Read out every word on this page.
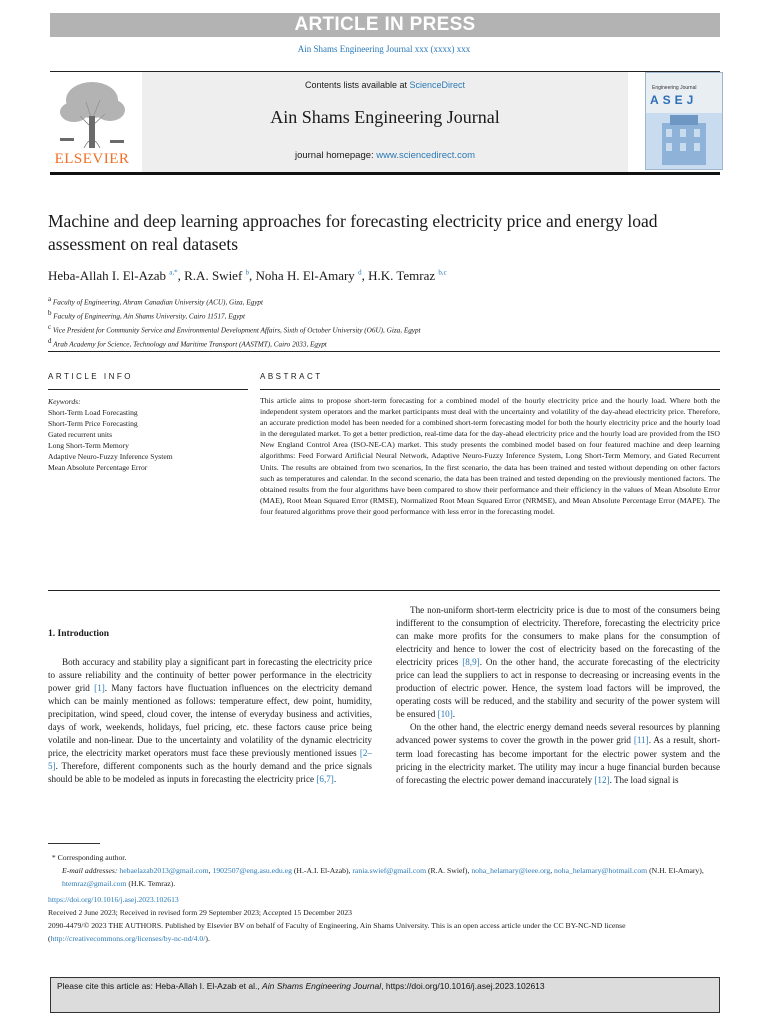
ARTICLE IN PRESS
Ain Shams Engineering Journal xxx (xxxx) xxx
ELSEVIER
Contents lists available at ScienceDirect
Ain Shams Engineering Journal
journal homepage: www.sciencedirect.com
Engineering Journal
ASEJ
Machine and deep learning approaches for forecasting electricity price and energy load assessment on real datasets
Heba-Allah I. El-Azab $^{a,*}$, R.A. Swief $^b$, Noha H. El-Amary $^d$, H.K. Temraz $^{b,c}$
$^a$ Faculty of Engineering, Ahram Canadian University (ACU), Giza, Egypt
$^b$ Faculty of Engineering, Ain Shams University, Cairo 11517, Egypt
$^c$ Vice President for Community Service and Environmental Development Affairs, Sixth of October University (O6U), Giza, Egypt
$^d$ Arab Academy for Science, Technology and Maritime Transport (AASTMT), Cairo 2033, Egypt
ARTICLE INFO	ABSTRACT
Keywords:
Short-Term Load Forecasting
Short-Term Price Forecasting
Gated recurrent units
Long Short-Term Memory
Adaptive Neuro-Fuzzy Inference System
Mean Absolute Percentage Error
This article aims to propose short-term forecasting for a combined model of the hourly electricity price and the hourly load. Where both the independent system operators and the market participants must deal with the uncertainty and volatility of the day-ahead electricity price. Therefore, an accurate prediction model has been needed for a combined short-term forecasting model for both the hourly electricity price and the hourly load in the deregulated market. To get a better prediction, real-time data for the day-ahead electricity price and the hourly load are provided from the ISO New England Control Area (ISO-NE-CA) market. This study presents the combined model based on four featured machine and deep learning algorithms: Feed Forward Artificial Neural Network, Adaptive Neuro-Fuzzy Inference System, Long Short-Term Memory, and Gated Recurrent Units. The results are obtained from two scenarios, In the first scenario, the data has been trained and tested without depending on other factors such as temperatures and calendar. In the second scenario, the data has been trained and tested depending on the previously mentioned factors. The obtained results from the four algorithms have been compared to show their performance and their efficiency in the values of Mean Absolute Error (MAE), Root Mean Squared Error (RMSE), Normalized Root Mean Squared Error (NRMSE), and Mean Absolute Percentage Error (MAPE). The four featured algorithms prove their good performance with less error in the forecasting model.
1. Introduction

Both accuracy and stability play a significant part in forecasting the electricity price to assure reliability and the continuity of better power performance in the electricity power grid [1]. Many factors have fluctuation influences on the electricity demand which can be mainly mentioned as follows: temperature effect, dew point, humidity, precipitation, wind speed, cloud cover, the intense of everyday business and activities, days of work, weekends, holidays, fuel pricing, etc. these factors cause price being volatile and non-linear. Due to the uncertainty and volatility of the dynamic electricity price, the electricity market operators must face these previously mentioned issues [2–5]. Therefore, different components such as the hourly demand and the price signals should be able to be modeled as inputs in forecasting the electricity price [6,7].

The non-uniform short-term electricity price is due to most of the consumers being indifferent to the consumption of electricity. Therefore, forecasting the electricity price can make more profits for the consumers to make plans for the consumption of electricity and hence to lower the cost of electricity based on the forecasting of the electricity prices [8,9]. On the other hand, the accurate forecasting of the electricity price can lead the suppliers to act in response to decreasing or increasing events in the production of electric power. Hence, the system load factors will be improved, the operating costs will be reduced, and the stability and security of the power system will be ensured [10].

On the other hand, the electric energy demand needs several resources by planning advanced power systems to cover the growth in the power grid [11]. As a result, short-term load forecasting has become important for the electric power system and the pricing in the electricity market. The utility may incur a huge financial burden because of forecasting the electric power demand inaccurately [12]. The load signal is

* Corresponding author.
E-mail addresses: hebaelazab2013@gmail.com, 1902507@eng.asu.edu.eg (H.-A.I. El-Azab), rania.swief@gmail.com (R.A. Swief), noha_helamary@ieee.org, noha_helamary@hotmail.com (N.H. El-Amary), htemraz@gmail.com (H.K. Temraz).
https://doi.org/10.1016/j.asej.2023.102613
Received 2 June 2023; Received in revised form 29 September 2023; Accepted 15 December 2023
2090-4479/© 2023 THE AUTHORS. Published by Elsevier BV on behalf of Faculty of Engineering, Ain Shams University. This is an open access article under the CC BY-NC-ND license (http://creativecommons.org/licenses/by-nc-nd/4.0/).
Please cite this article as: Heba-Allah I. El-Azab et al., Ain Shams Engineering Journal, https://doi.org/10.1016/j.asej.2023.102613
